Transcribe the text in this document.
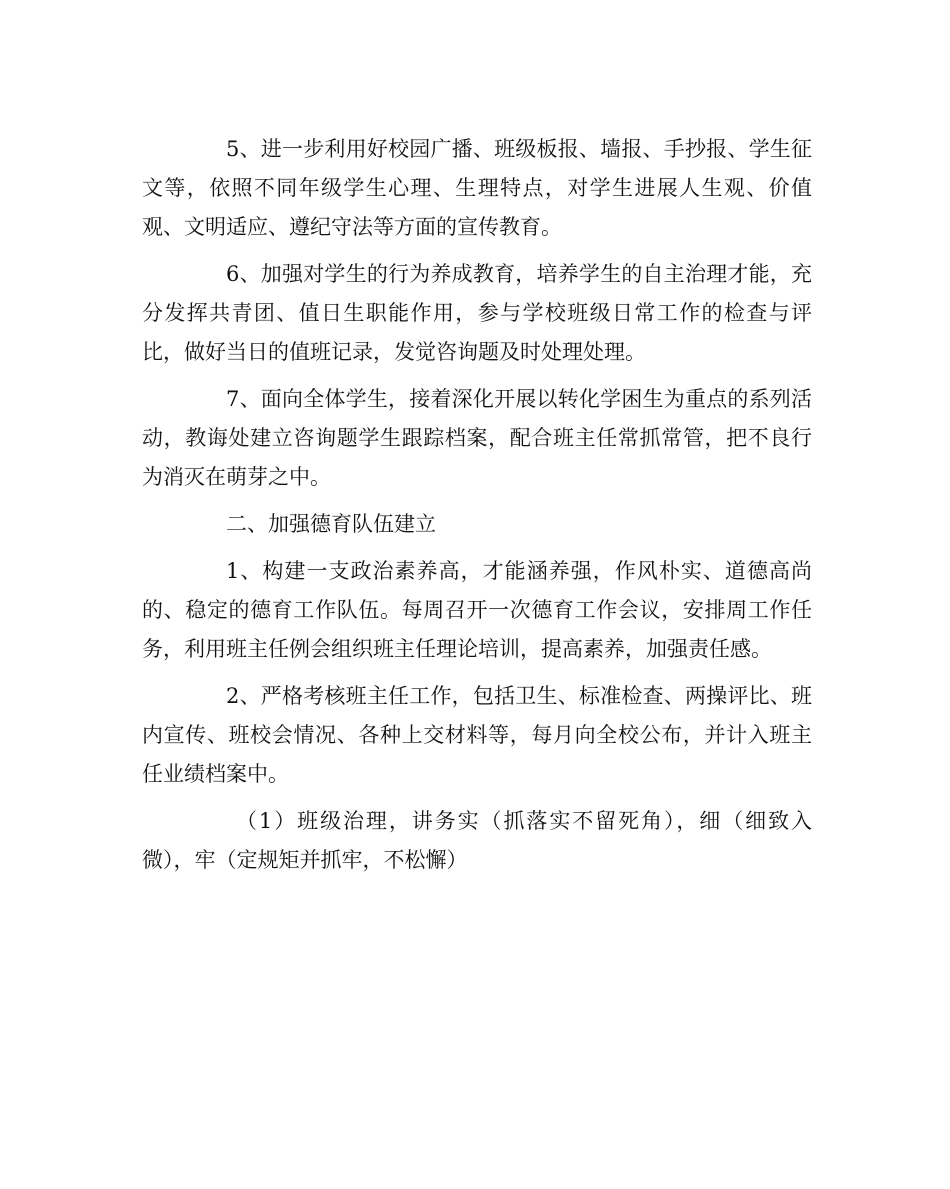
5、进一步利用好校园广播、班级板报、墙报、手抄报、学生征文等，依照不同年级学生心理、生理特点，对学生进展人生观、价值观、文明适应、遵纪守法等方面的宣传教育。

6、加强对学生的行为养成教育，培养学生的自主治理才能，充分发挥共青团、值日生职能作用，参与学校班级日常工作的检查与评比，做好当日的值班记录，发觉咨询题及时处理处理。

7、面向全体学生，接着深化开展以转化学困生为重点的系列活动，教诲处建立咨询题学生跟踪档案，配合班主任常抓常管，把不良行为消灭在萌芽之中。

二、加强德育队伍建立

1、构建一支政治素养高，才能涵养强，作风朴实、道德高尚的、稳定的德育工作队伍。每周召开一次德育工作会议，安排周工作任务，利用班主任例会组织班主任理论培训，提高素养，加强责任感。

2、严格考核班主任工作，包括卫生、标准检查、两操评比、班内宣传、班校会情况、各种上交材料等，每月向全校公布，并计入班主任业绩档案中。

（1）班级治理，讲务实（抓落实不留死角），细（细致入微），牢（定规矩并抓牢，不松懈）
